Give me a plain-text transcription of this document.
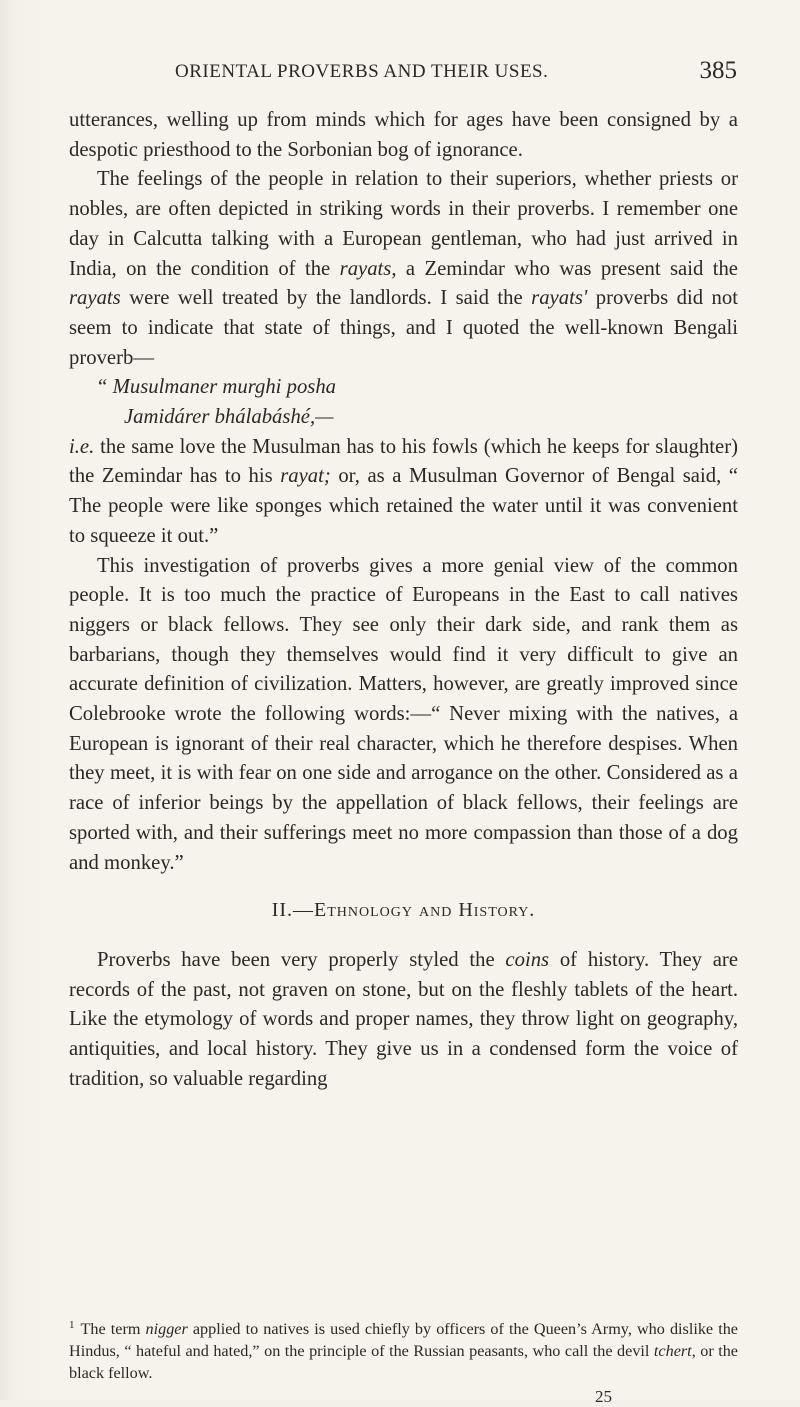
ORIENTAL PROVERBS AND THEIR USES.	385

utterances, welling up from minds which for ages have been consigned by a despotic priesthood to the Sorbonian bog of ignorance.

The feelings of the people in relation to their superiors, whether priests or nobles, are often depicted in striking words in their proverbs. I remember one day in Calcutta talking with a European gentleman, who had just arrived in India, on the condition of the rayats, a Zemindar who was present said the rayats were well treated by the landlords. I said the rayats' proverbs did not seem to indicate that state of things, and I quoted the well-known Bengali proverb—

“ Musulmaner murghi posha
Jamidárer bhálabáshé,—

i.e. the same love the Musulman has to his fowls (which he keeps for slaughter) the Zemindar has to his rayat; or, as a Musulman Governor of Bengal said, “ The people were like sponges which retained the water until it was convenient to squeeze it out.”

This investigation of proverbs gives a more genial view of the common people. It is too much the practice of Europeans in the East to call natives niggers or black fellows. They see only their dark side, and rank them as barbarians, though they themselves would find it very difficult to give an accurate definition of civilization. Matters, however, are greatly improved since Colebrooke wrote the following words:—“ Never mixing with the natives, a European is ignorant of their real character, which he therefore despises. When they meet, it is with fear on one side and arrogance on the other. Considered as a race of inferior beings by the appellation of black fellows, their feelings are sported with, and their sufferings meet no more compassion than those of a dog and monkey.”

II.—Ethnology and History.

Proverbs have been very properly styled the coins of history. They are records of the past, not graven on stone, but on the fleshly tablets of the heart. Like the etymology of words and proper names, they throw light on geography, antiquities, and local history. They give us in a condensed form the voice of tradition, so valuable regarding

$^1$ The term nigger applied to natives is used chiefly by officers of the Queen’s Army, who dislike the Hindus, “ hateful and hated,” on the principle of the Russian peasants, who call the devil tchert, or the black fellow.
25
